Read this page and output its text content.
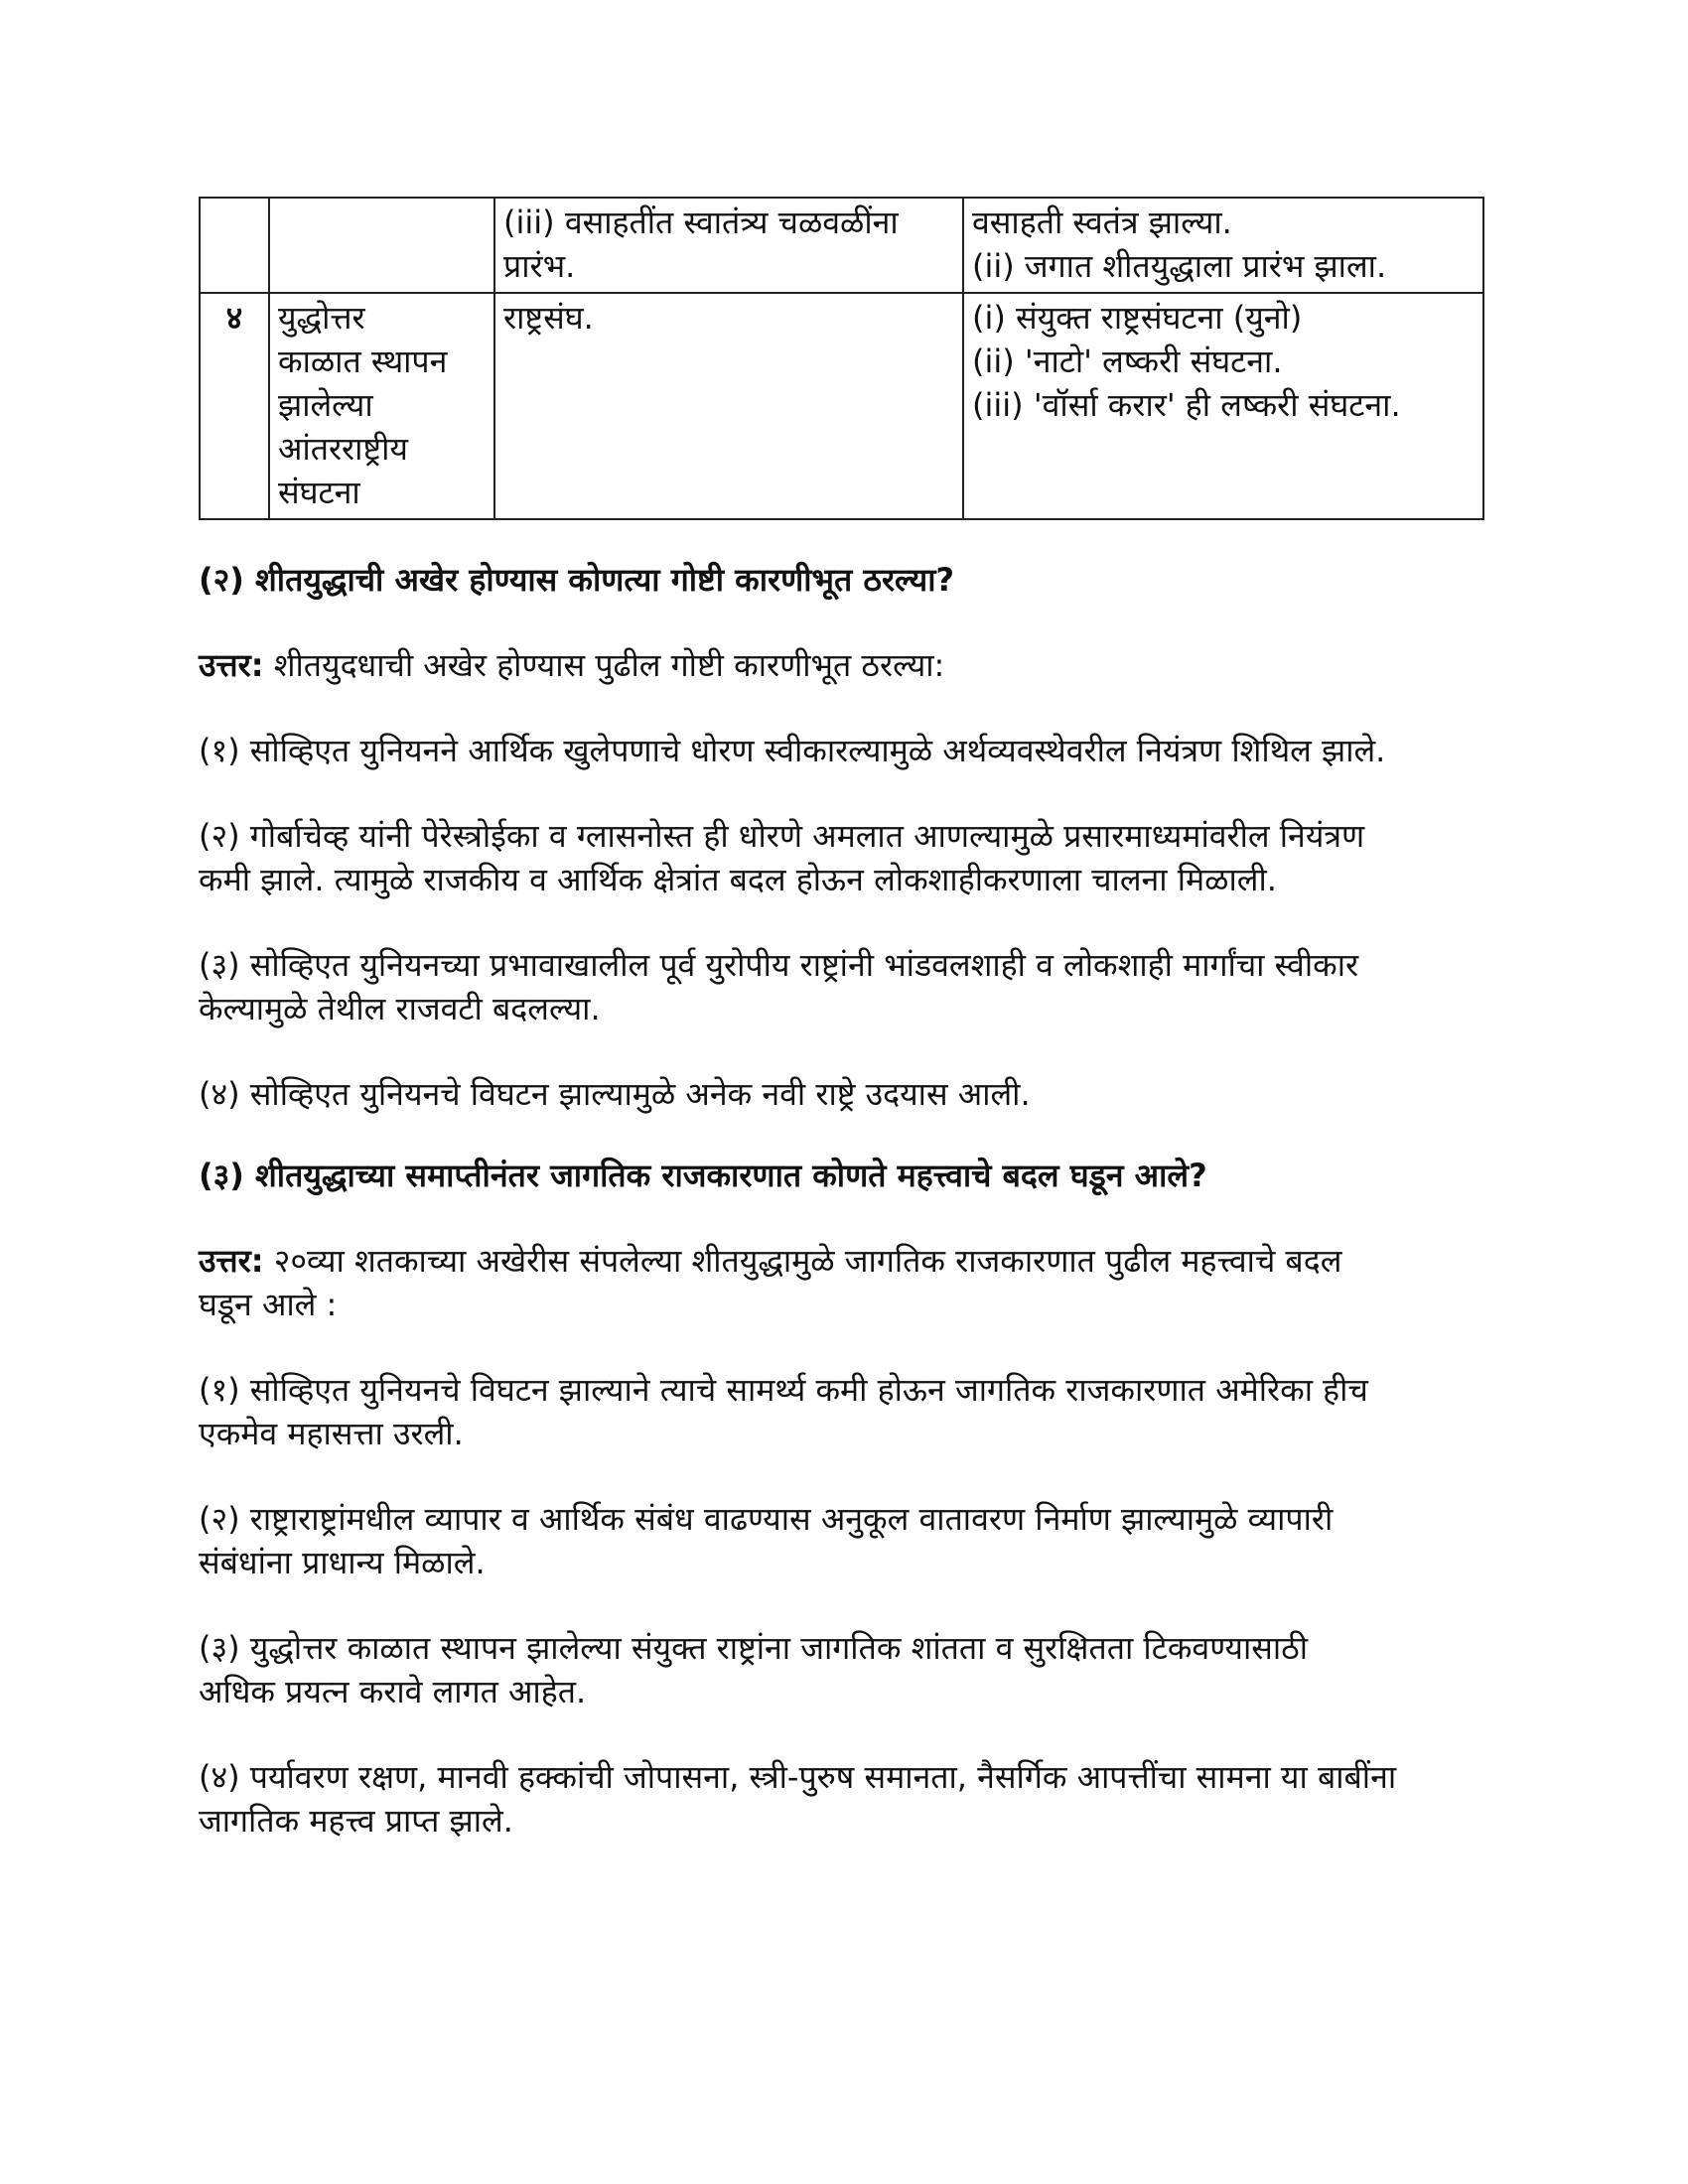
		(iii) वसाहतींत स्वातंत्र्य चळवळींना
प्रारंभ.	वसाहती स्वतंत्र झाल्या.
(ii) जगात शीतयुद्धाला प्रारंभ झाला.

४	युद्धोत्तर
काळात स्थापन
झालेल्या
आंतरराष्ट्रीय
संघटना	राष्ट्रसंघ.	(i) संयुक्त राष्ट्रसंघटना (युनो)
(ii) 'नाटो' लष्करी संघटना.
(iii) 'वॉर्सा करार' ही लष्करी संघटना.
(२) शीतयुद्धाची अखेर होण्यास कोणत्या गोष्टी कारणीभूत ठरल्या?
उत्तर: शीतयुदधाची अखेर होण्यास पुढील गोष्टी कारणीभूत ठरल्या:
(१) सोव्हिएत युनियनने आर्थिक खुलेपणाचे धोरण स्वीकारल्यामुळे अर्थव्यवस्थेवरील नियंत्रण शिथिल झाले.
(२) गोर्बाचेव्ह यांनी पेरेस्त्रोईका व ग्लासनोस्त ही धोरणे अमलात आणल्यामुळे प्रसारमाध्यमांवरील नियंत्रण
कमी झाले. त्यामुळे राजकीय व आर्थिक क्षेत्रांत बदल होऊन लोकशाहीकरणाला चालना मिळाली.
(३) सोव्हिएत युनियनच्या प्रभावाखालील पूर्व युरोपीय राष्ट्रांनी भांडवलशाही व लोकशाही मार्गांचा स्वीकार
केल्यामुळे तेथील राजवटी बदलल्या.
(४) सोव्हिएत युनियनचे विघटन झाल्यामुळे अनेक नवी राष्ट्रे उदयास आली.
(३) शीतयुद्धाच्या समाप्तीनंतर जागतिक राजकारणात कोणते महत्त्वाचे बदल घडून आले?
उत्तर: २०व्या शतकाच्या अखेरीस संपलेल्या शीतयुद्धामुळे जागतिक राजकारणात पुढील महत्त्वाचे बदल
घडून आले :
(१) सोव्हिएत युनियनचे विघटन झाल्याने त्याचे सामर्थ्य कमी होऊन जागतिक राजकारणात अमेरिका हीच
एकमेव महासत्ता उरली.
(२) राष्ट्राराष्ट्रांमधील व्यापार व आर्थिक संबंध वाढण्यास अनुकूल वातावरण निर्माण झाल्यामुळे व्यापारी
संबंधांना प्राधान्य मिळाले.
(३) युद्धोत्तर काळात स्थापन झालेल्या संयुक्त राष्ट्रांना जागतिक शांतता व सुरक्षितता टिकवण्यासाठी
अधिक प्रयत्न करावे लागत आहेत.
(४) पर्यावरण रक्षण, मानवी हक्कांची जोपासना, स्त्री-पुरुष समानता, नैसर्गिक आपत्तींचा सामना या बाबींना
जागतिक महत्त्व प्राप्त झाले.
